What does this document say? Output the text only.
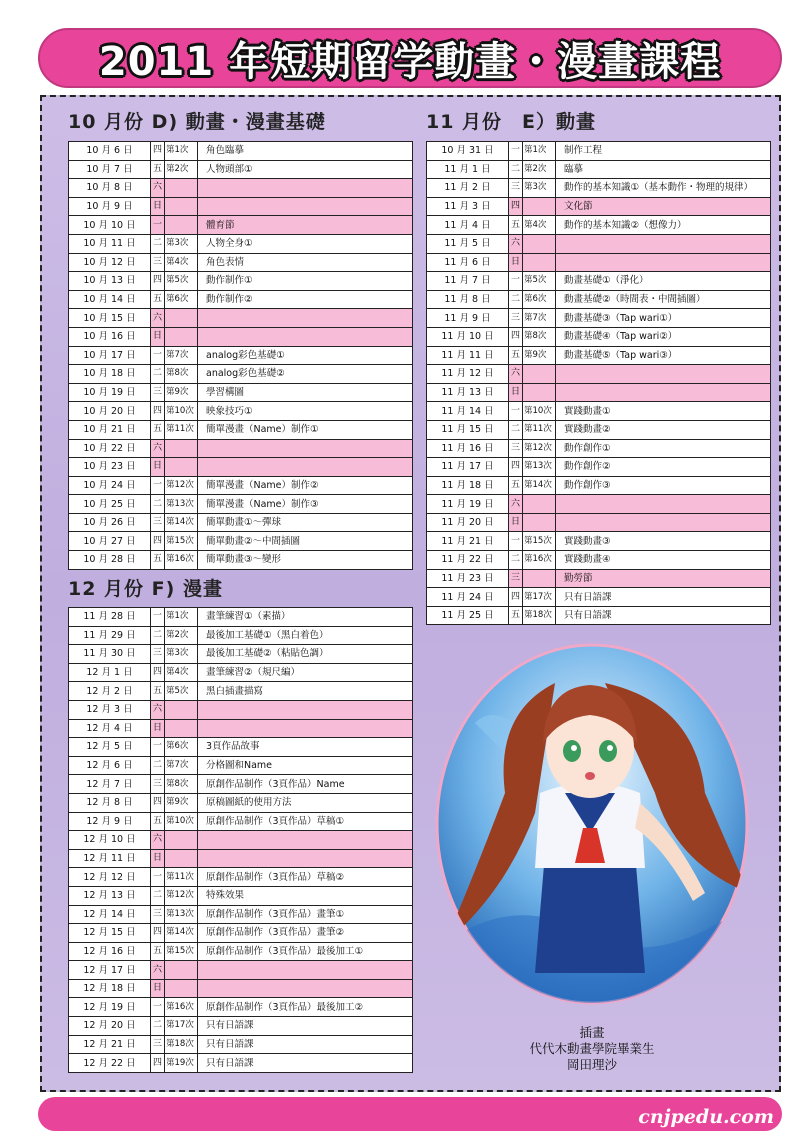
2011 年短期留学動畫・漫畫課程
10 月份 D) 動畫・漫畫基礎	11 月份　E）動畫
12 月份 F) 漫畫
10 月 6 日	四	第1次	角色臨摹
10 月 7 日	五	第2次	人物頭部①
10 月 8 日	六		
10 月 9 日	日		
10 月 10 日	一		體育節
10 月 11 日	二	第3次	人物全身①
10 月 12 日	三	第4次	角色表情
10 月 13 日	四	第5次	動作制作①
10 月 14 日	五	第6次	動作制作②
10 月 15 日	六		
10 月 16 日	日		
10 月 17 日	一	第7次	analog彩色基礎①
10 月 18 日	二	第8次	analog彩色基礎②
10 月 19 日	三	第9次	學習構圖
10 月 20 日	四	第10次	映象技巧①
10 月 21 日	五	第11次	簡單漫畫（Name）制作①
10 月 22 日	六		
10 月 23 日	日		
10 月 24 日	一	第12次	簡單漫畫（Name）制作②
10 月 25 日	二	第13次	簡單漫畫（Name）制作③
10 月 26 日	三	第14次	簡單動畫①～彈球
10 月 27 日	四	第15次	簡單動畫②～中間插圖
10 月 28 日	五	第16次	簡單動畫③～變形
10 月 31 日	一	第1次	制作工程
11 月 1 日	二	第2次	臨摹
11 月 2 日	三	第3次	動作的基本知識①（基本動作・物理的規律）
11 月 3 日	四		文化節
11 月 4 日	五	第4次	動作的基本知識②（想像力）
11 月 5 日	六		
11 月 6 日	日		
11 月 7 日	一	第5次	動畫基礎①（淨化）
11 月 8 日	二	第6次	動畫基礎②（時間表・中間插圖）
11 月 9 日	三	第7次	動畫基礎③（Tap wari①）
11 月 10 日	四	第8次	動畫基礎④（Tap wari②）
11 月 11 日	五	第9次	動畫基礎⑤（Tap wari③）
11 月 12 日	六		
11 月 13 日	日		
11 月 14 日	一	第10次	實踐動畫①
11 月 15 日	二	第11次	實踐動畫②
11 月 16 日	三	第12次	動作創作①
11 月 17 日	四	第13次	動作創作②
11 月 18 日	五	第14次	動作創作③
11 月 19 日	六		
11 月 20 日	日		
11 月 21 日	一	第15次	實踐動畫③
11 月 22 日	二	第16次	實踐動畫④
11 月 23 日	三		勤勞節
11 月 24 日	四	第17次	只有日語課
11 月 25 日	五	第18次	只有日語課
11 月 28 日	一	第1次	畫筆練習①（素描）
11 月 29 日	二	第2次	最後加工基礎①（黑白着色）
11 月 30 日	三	第3次	最後加工基礎②（粘貼色調）
12 月 1 日	四	第4次	畫筆練習②（規尺編）
12 月 2 日	五	第5次	黑白插畫描寫
12 月 3 日	六		
12 月 4 日	日		
12 月 5 日	一	第6次	3頁作品故事
12 月 6 日	二	第7次	分格圖和Name
12 月 7 日	三	第8次	原創作品制作（3頁作品）Name
12 月 8 日	四	第9次	原稿圖紙的使用方法
12 月 9 日	五	第10次	原創作品制作（3頁作品）草稿①
12 月 10 日	六		
12 月 11 日	日		
12 月 12 日	一	第11次	原創作品制作（3頁作品）草稿②
12 月 13 日	二	第12次	特殊效果
12 月 14 日	三	第13次	原創作品制作（3頁作品）畫筆①
12 月 15 日	四	第14次	原創作品制作（3頁作品）畫筆②
12 月 16 日	五	第15次	原創作品制作（3頁作品）最後加工①
12 月 17 日	六		
12 月 18 日	日		
12 月 19 日	一	第16次	原創作品制作（3頁作品）最後加工②
12 月 20 日	二	第17次	只有日語課
12 月 21 日	三	第18次	只有日語課
12 月 22 日	四	第19次	只有日語課
插畫
代代木動畫學院畢業生
岡田理沙
cnjpedu.com
